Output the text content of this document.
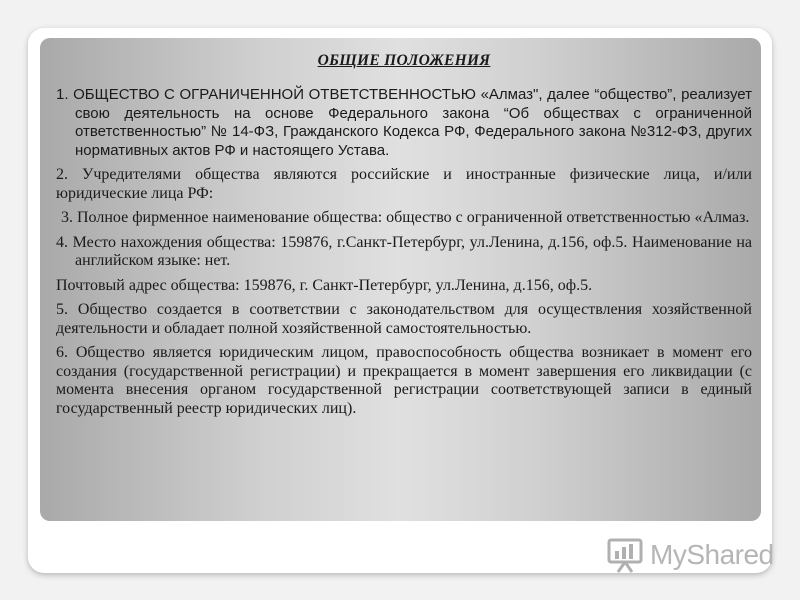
ОБЩИЕ ПОЛОЖЕНИЯ

1. ОБЩЕСТВО С ОГРАНИЧЕННОЙ ОТВЕТСТВЕННОСТЬЮ «Алмаз", далее “общество”, реализует свою деятельность на основе Федерального закона “Об обществах с ограниченной ответственностью” № 14-ФЗ, Гражданского Кодекса РФ, Федерального закона №312-ФЗ, других нормативных актов РФ и настоящего Устава.

2. Учредителями общества являются российские и иностранные физические лица, и/или юридические лица РФ:

3. Полное фирменное наименование общества: общество с ограниченной ответственностью «Алмаз.

4. Место нахождения общества: 159876, г.Санкт-Петербург, ул.Ленина, д.156, оф.5. Наименование на английском языке: нет.

Почтовый адрес общества: 159876, г. Санкт-Петербург, ул.Ленина, д.156, оф.5.

5. Общество создается в соответствии с законодательством для осуществления хозяйственной деятельности и обладает полной хозяйственной самостоятельностью.

6. Общество является юридическим лицом, правоспособность общества возникает в момент его создания (государственной регистрации) и прекращается в момент завершения его ликвидации (с момента внесения органом государственной регистрации соответствующей записи в единый государственный реестр юридических лиц).

MyShared
